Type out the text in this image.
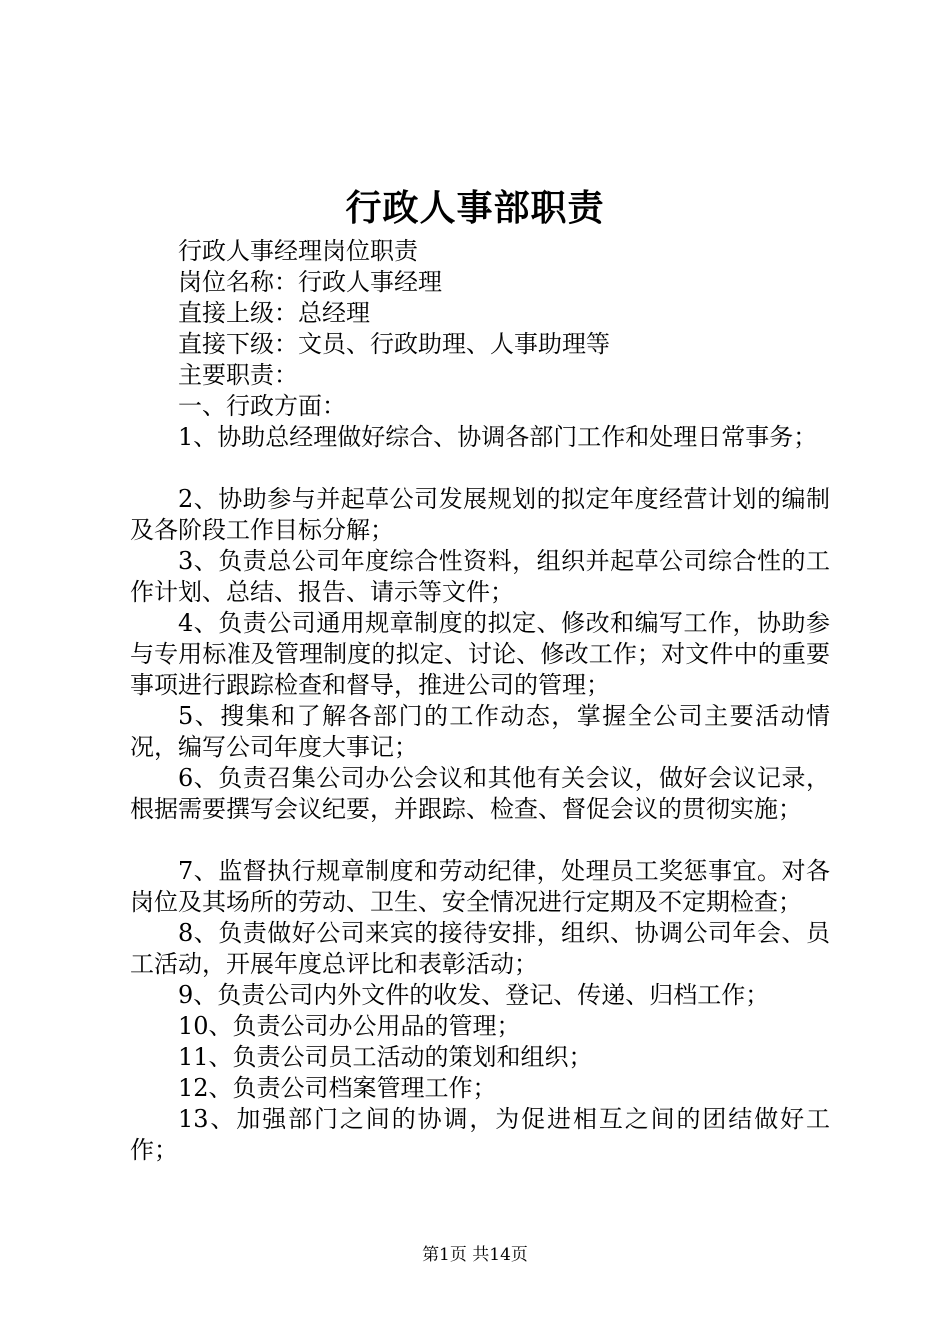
行政人事部职责
行政人事经理岗位职责
岗位名称：行政人事经理
直接上级：总经理
直接下级：文员、行政助理、人事助理等
主要职责：
一、行政方面：
1、协助总经理做好综合、协调各部门工作和处理日常事务；
2、协助参与并起草公司发展规划的拟定年度经营计划的编制及各阶段工作目标分解；
3、负责总公司年度综合性资料，组织并起草公司综合性的工作计划、总结、报告、请示等文件；
4、负责公司通用规章制度的拟定、修改和编写工作，协助参与专用标准及管理制度的拟定、讨论、修改工作；对文件中的重要事项进行跟踪检查和督导，推进公司的管理；
5、搜集和了解各部门的工作动态，掌握全公司主要活动情况，编写公司年度大事记；
6、负责召集公司办公会议和其他有关会议，做好会议记录，根据需要撰写会议纪要，并跟踪、检查、督促会议的贯彻实施；
7、监督执行规章制度和劳动纪律，处理员工奖惩事宜。对各岗位及其场所的劳动、卫生、安全情况进行定期及不定期检查；
8、负责做好公司来宾的接待安排，组织、协调公司年会、员工活动，开展年度总评比和表彰活动；
9、负责公司内外文件的收发、登记、传递、归档工作；
10、负责公司办公用品的管理；
11、负责公司员工活动的策划和组织；
12、负责公司档案管理工作；
13、加强部门之间的协调，为促进相互之间的团结做好工作；
第1页 共14页
